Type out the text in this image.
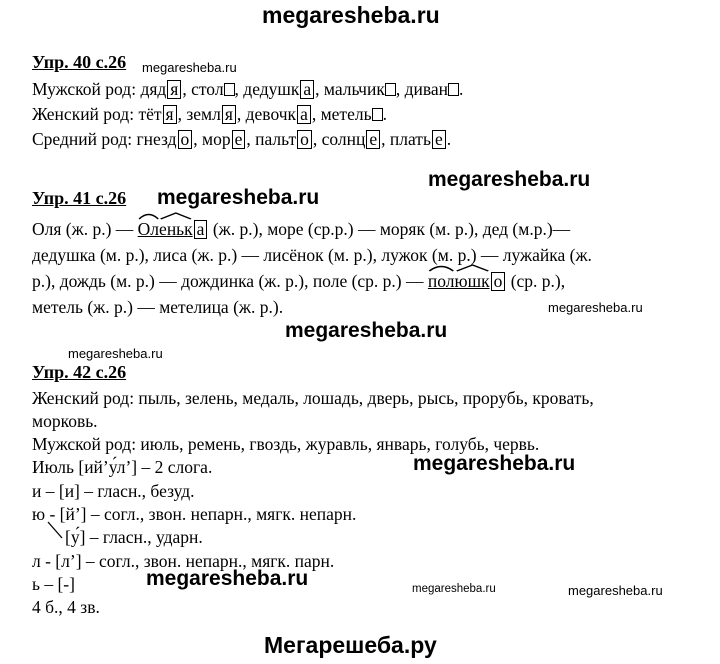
megaresheba.ru
megaresheba.ru
megaresheba.ru
megaresheba.ru
megaresheba.ru
megaresheba.ru
megaresheba.ru
megaresheba.ru
megaresheba.ru	megaresheba.ru	megaresheba.ru
Мегарешеба.ру
Упр. 40 с.26
Мужской род: дяд я , стол , дедушк а , мальчик , диван .
Женский род: тёт я , земл я , девочк а , метель .
Средний род: гнезд о , мор е , пальт о , солнц е , плать е .
Упр. 41 с.26
Оля (ж. р.) — Ол
еньк а (ж. р.), море (ср.р.) — моряк (м. р.), дед (м.р.)—
дедушка (м. р.), лиса (ж. р.) — лисёнок (м. р.), лужок (м. р.) — лужайка (ж.
р.), дождь (м. р.) — дождинка (ж. р.), поле (ср. р.) — пол
юшк о (ср. р.),
метель (ж. р.) — метелица (ж. р.).
Упр. 42 с.26
Женский род: пыль, зелень, медаль, лошадь, дверь, рысь, прорубь, кровать,
морковь.
Мужской род: июль, ремень, гвоздь, журавль, январь, голубь, червь.
Июль [ий’у́л’] – 2 слога.
и – [и] – гласн., безуд.
ю - [й’] – согл., звон. непарн., мягк. непарн.
[у́] – гласн., ударн.
л - [л’] – согл., звон. непарн., мягк. парн.
ь – [-]
4 б., 4 зв.
